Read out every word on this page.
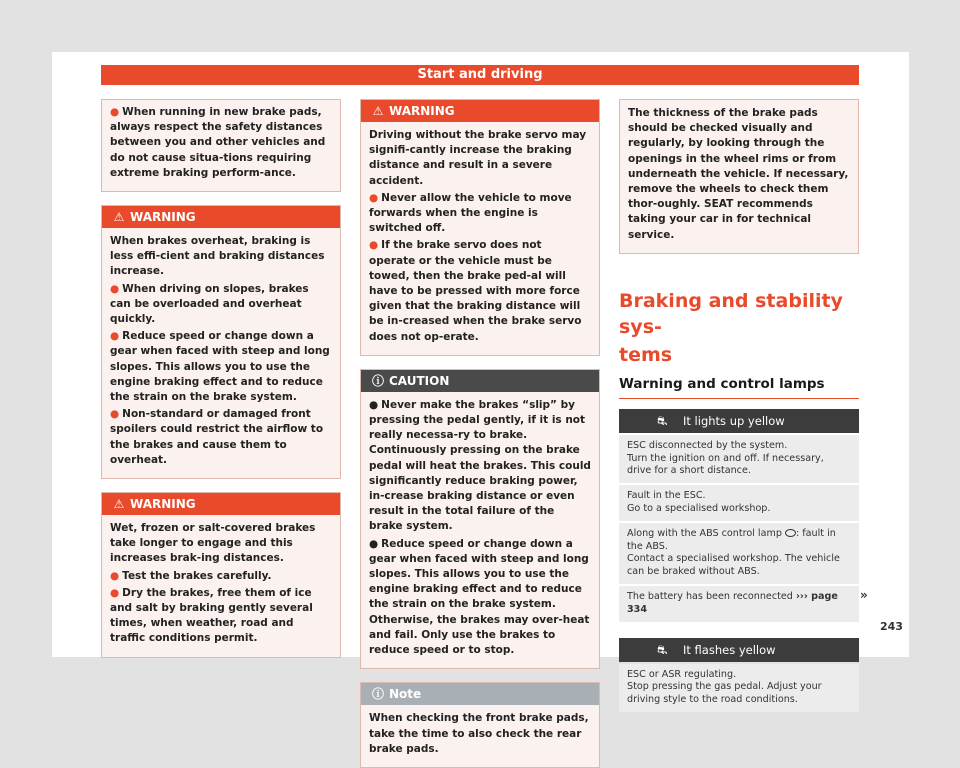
Start and driving

● When running in new brake pads, always respect the safety distances between you and other vehicles and do not cause situa-tions requiring extreme braking perform-ance.

⚠ WARNING

When brakes overheat, braking is less effi-cient and braking distances increase.

● When driving on slopes, brakes can be overloaded and overheat quickly.

● Reduce speed or change down a gear when faced with steep and long slopes. This allows you to use the engine braking effect and to reduce the strain on the brake system.

● Non-standard or damaged front spoilers could restrict the airflow to the brakes and cause them to overheat.

⚠ WARNING

Wet, frozen or salt-covered brakes take longer to engage and this increases brak-ing distances.

● Test the brakes carefully.

● Dry the brakes, free them of ice and salt by braking gently several times, when weather, road and traffic conditions permit.

⚠ WARNING

Driving without the brake servo may signifi-cantly increase the braking distance and result in a severe accident.

● Never allow the vehicle to move forwards when the engine is switched off.

● If the brake servo does not operate or the vehicle must be towed, then the brake ped-al will have to be pressed with more force given that the braking distance will be in-creased when the brake servo does not op-erate.

ⓘ CAUTION

● Never make the brakes “slip” by pressing the pedal gently, if it is not really necessa-ry to brake. Continuously pressing on the brake pedal will heat the brakes. This could significantly reduce braking power, in-crease braking distance or even result in the total failure of the brake system.

● Reduce speed or change down a gear when faced with steep and long slopes. This allows you to use the engine braking effect and to reduce the strain on the brake system. Otherwise, the brakes may over-heat and fail. Only use the brakes to reduce speed or to stop.

ⓘ Note

When checking the front brake pads, take the time to also check the rear brake pads.

The thickness of the brake pads should be checked visually and regularly, by looking through the openings in the wheel rims or from underneath the vehicle. If necessary, remove the wheels to check them thor-oughly. SEAT recommends taking your car in for technical service.

Braking and stability sys-
tems
Warning and control lamps
⛐ It lights up yellow
ESC disconnected by the system.
Turn the ignition on and off. If necessary, drive for a short distance.
Fault in the ESC.
Go to a specialised workshop.
Along with the ABS control lamp : fault in the ABS.
Contact a specialised workshop. The vehicle can be braked without ABS.
The battery has been reconnected ››› page 334
⛐ It flashes yellow
ESC or ASR regulating.
Stop pressing the gas pedal. Adjust your driving style to the road conditions.
»
243
